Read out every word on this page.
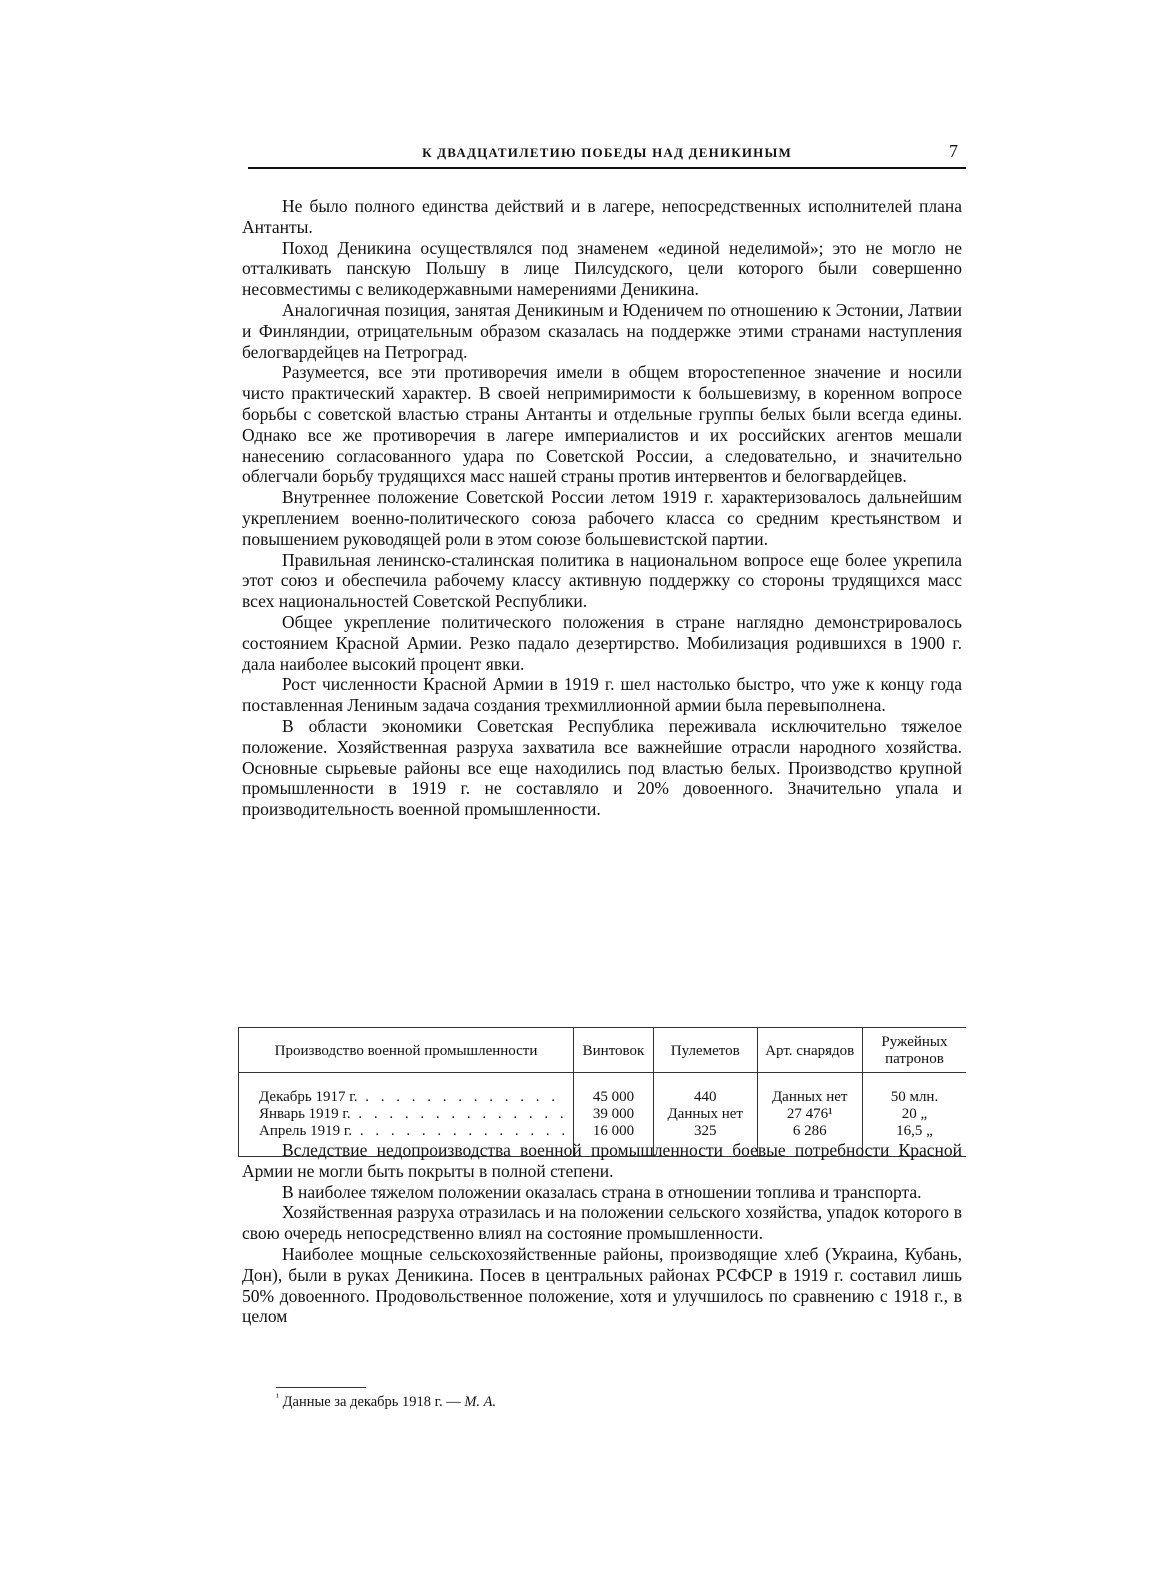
К ДВАДЦАТИЛЕТИЮ ПОБЕДЫ НАД ДЕНИКИНЫМ	7

Не было полного единства действий и в лагере, непосредственных исполнителей плана Антанты.

Поход Деникина осуществлялся под знаменем «единой неделимой»; это не могло не отталкивать панскую Польшу в лице Пилсудского, цели которого были совершенно несовместимы с великодержавными намерениями Деникина.

Аналогичная позиция, занятая Деникиным и Юденичем по отношению к Эстонии, Латвии и Финляндии, отрицательным образом сказалась на поддержке этими странами наступления белогвардейцев на Петроград.

Разумеется, все эти противоречия имели в общем второстепенное значение и носили чисто практический характер. В своей непримиримости к большевизму, в коренном вопросе борьбы с советской властью страны Антанты и отдельные группы белых были всегда едины. Однако все же противоречия в лагере империалистов и их российских агентов мешали нанесению согласованного удара по Советской России, а следовательно, и значительно облегчали борьбу трудящихся масс нашей страны против интервентов и белогвардейцев.

Внутреннее положение Советской России летом 1919 г. характеризовалось дальнейшим укреплением военно-политического союза рабочего класса со средним крестьянством и повышением руководящей роли в этом союзе большевистской партии.

Правильная ленинско-сталинская политика в национальном вопросе еще более укрепила этот союз и обеспечила рабочему классу активную поддержку со стороны трудящихся масс всех национальностей Советской Республики.

Общее укрепление политического положения в стране наглядно демонстрировалось состоянием Красной Армии. Резко падало дезертирство. Мобилизация родившихся в 1900 г. дала наиболее высокий процент явки.

Рост численности Красной Армии в 1919 г. шел настолько быстро, что уже к концу года поставленная Лениным задача создания трехмиллионной армии была перевыполнена.

В области экономики Советская Республика переживала исключительно тяжелое положение. Хозяйственная разруха захватила все важнейшие отрасли народного хозяйства. Основные сырьевые районы все еще находились под властью белых. Производство крупной промышленности в 1919 г. не составляло и 20% довоенного. Значительно упала и производительность военной промышленности.

Производство военной промышленности	Винтовок	Пулеметов	Арт. снарядов	Ружейных патронов
Декабрь 1917 г. . . . . . . . . . . . . .	45 000	440	Данных нет	50 млн.
Январь 1919 г. . . . . . . . . . . . . . .	39 000	Данных нет	27 476¹	20 „
Апрель 1919 г. . . . . . . . . . . . . . .	16 000	325	6 286	16,5 „

Вследствие недопроизводства военной промышленности боевые потребности Красной Армии не могли быть покрыты в полной степени.

В наиболее тяжелом положении оказалась страна в отношении топлива и транспорта.

Хозяйственная разруха отразилась и на положении сельского хозяйства, упадок которого в свою очередь непосредственно влиял на состояние промышленности.

Наиболее мощные сельскохозяйственные районы, производящие хлеб (Украина, Кубань, Дон), были в руках Деникина. Посев в центральных районах РСФСР в 1919 г. составил лишь 50% довоенного. Продовольственное положение, хотя и улучшилось по сравнению с 1918 г., в целом

$^{^1}$ Данные за декабрь 1918 г. — М. А.
